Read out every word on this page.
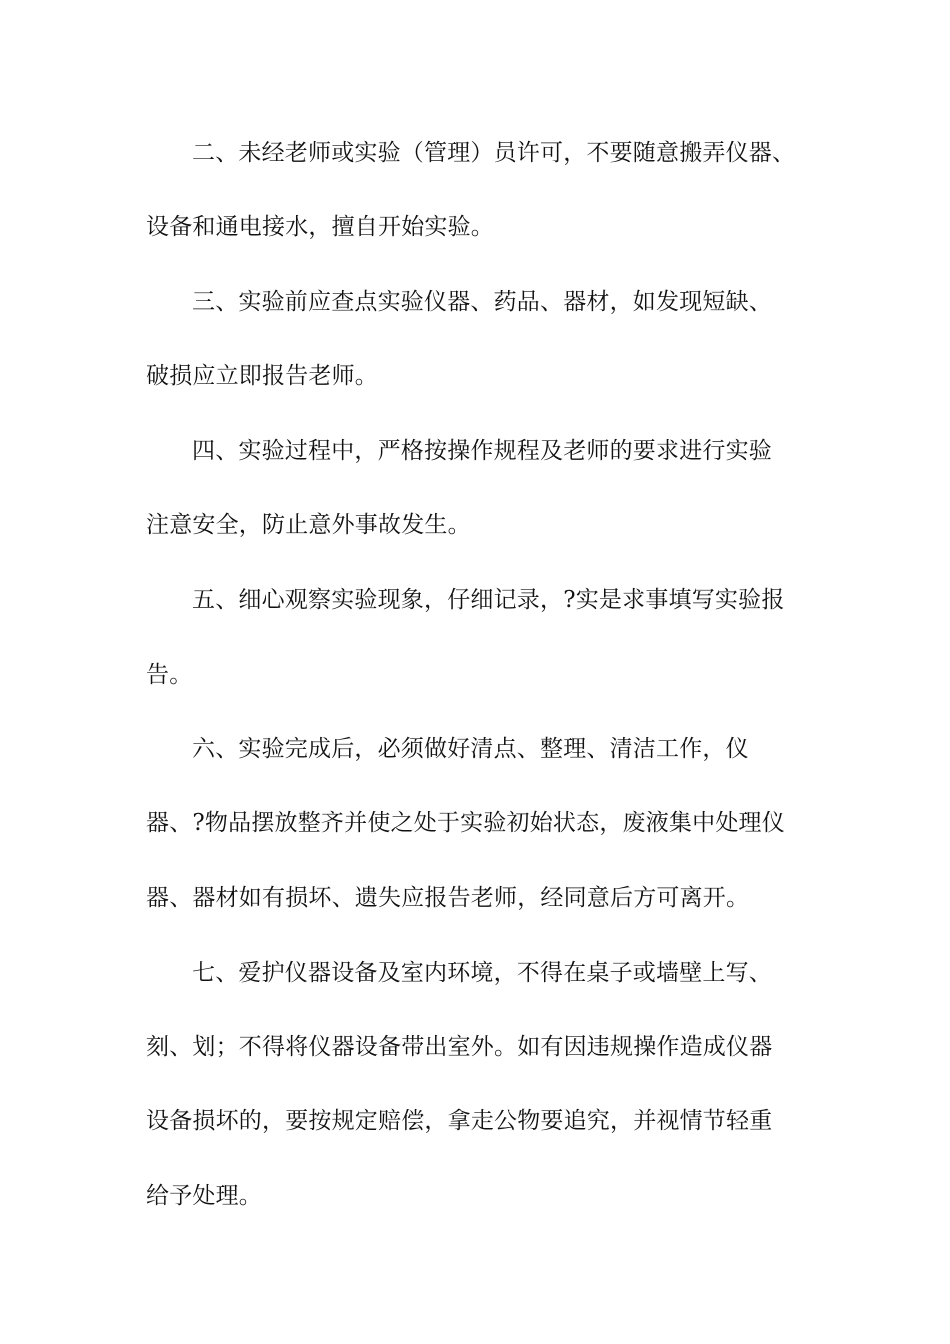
二、未经老师或实验（管理）员许可，不要随意搬弄仪器、
设备和通电接水，擅自开始实验。
三、实验前应查点实验仪器、药品、器材，如发现短缺、
破损应立即报告老师。
四、实验过程中，严格按操作规程及老师的要求进行实验
注意安全，防止意外事故发生。
五、细心观察实验现象，仔细记录，?实是求事填写实验报
告。
六、实验完成后，必须做好清点、整理、清洁工作，仪
器、?物品摆放整齐并使之处于实验初始状态，废液集中处理仪
器、器材如有损坏、遗失应报告老师，经同意后方可离开。
七、爱护仪器设备及室内环境，不得在桌子或墙壁上写、
刻、划；不得将仪器设备带出室外。如有因违规操作造成仪器
设备损坏的，要按规定赔偿，拿走公物要追究，并视情节轻重
给予处理。
